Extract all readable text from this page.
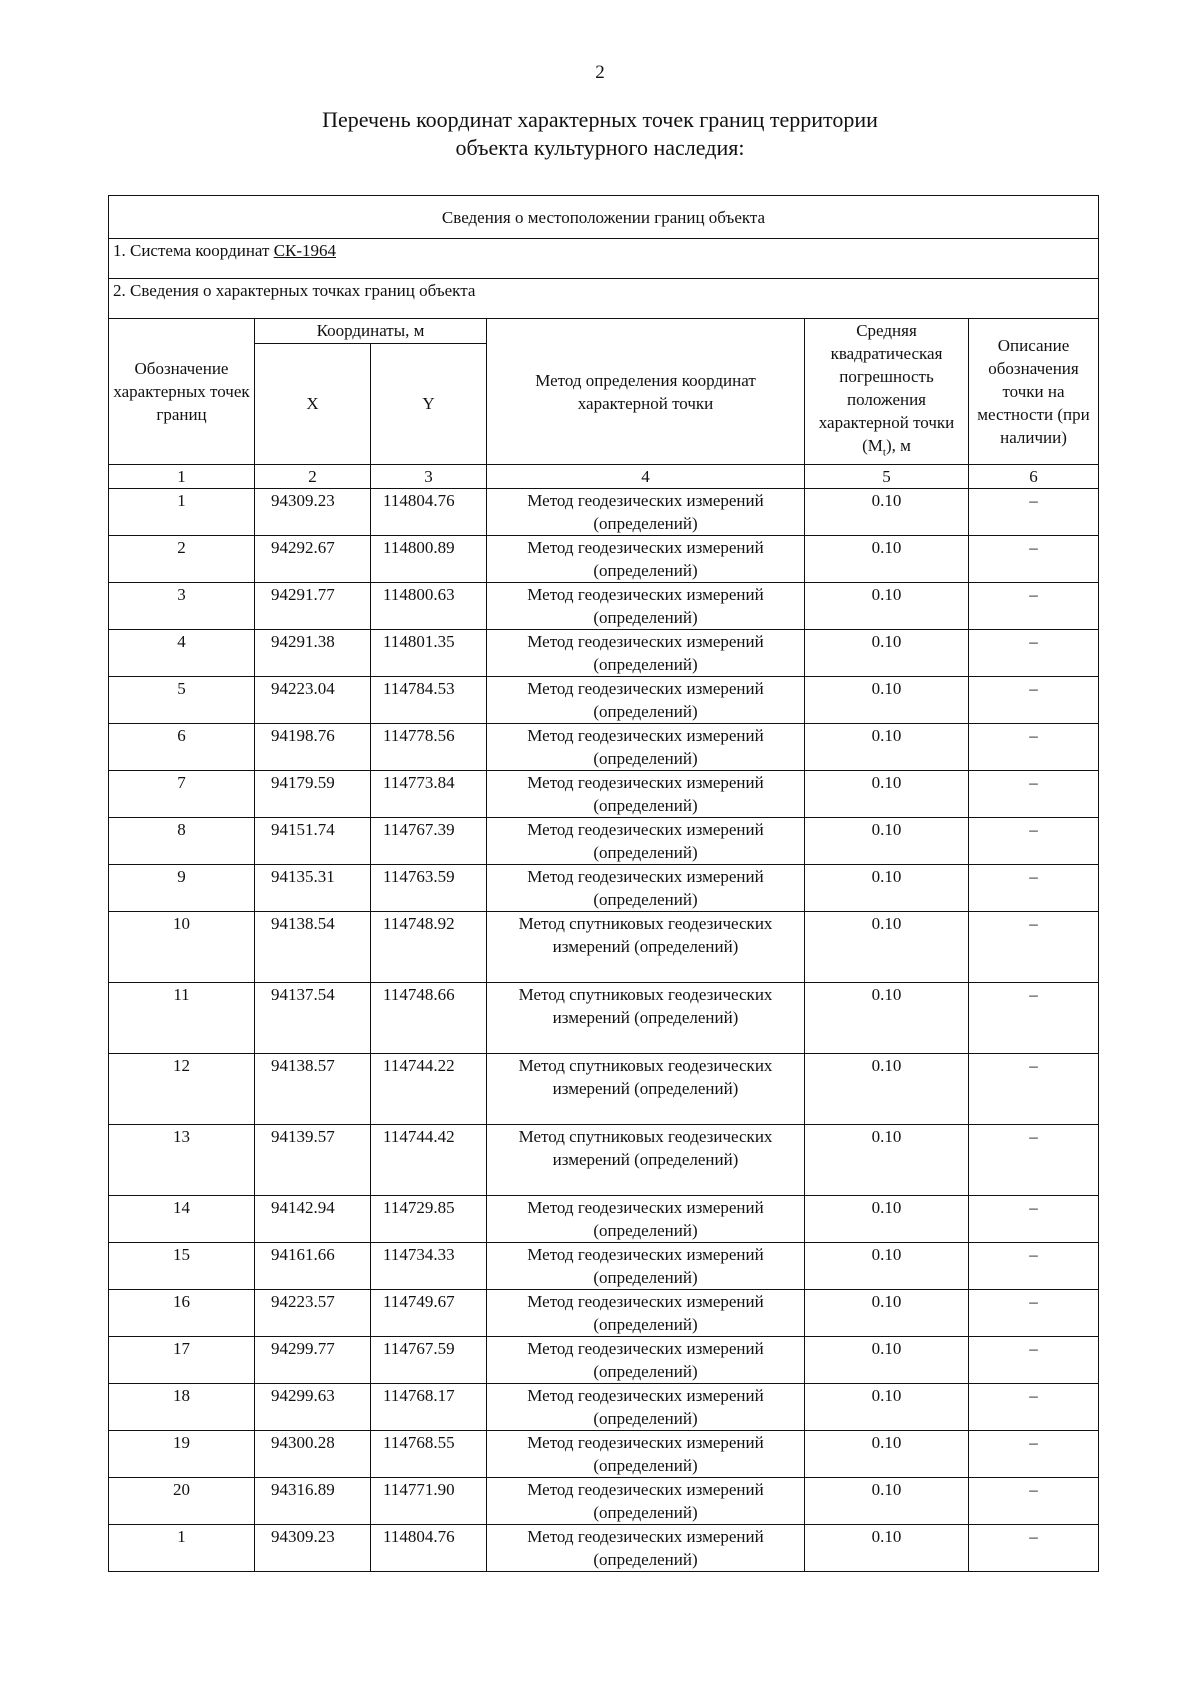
2
Перечень координат характерных точек границ территории
объекта культурного наследия:
Сведения о местоположении границ объекта					
1. Система координат СК-1964					
2. Сведения о характерных точках границ объекта					
Обозначение характерных точек границ	Координаты, м		Метод определения координат характерной точки	Средняя квадратическая погрешность положения характерной точки $(M_t)$, м	Описание обозначения точки на местности (при наличии)
	X	Y			
1	2	3	4	5	6
1	94309.23	114804.76	Метод геодезических измерений (определений)	0.10	–
2	94292.67	114800.89	Метод геодезических измерений (определений)	0.10	–
3	94291.77	114800.63	Метод геодезических измерений (определений)	0.10	–
4	94291.38	114801.35	Метод геодезических измерений (определений)	0.10	–
5	94223.04	114784.53	Метод геодезических измерений (определений)	0.10	–
6	94198.76	114778.56	Метод геодезических измерений (определений)	0.10	–
7	94179.59	114773.84	Метод геодезических измерений (определений)	0.10	–
8	94151.74	114767.39	Метод геодезических измерений (определений)	0.10	–
9	94135.31	114763.59	Метод геодезических измерений (определений)	0.10	–
10	94138.54	114748.92	Метод спутниковых геодезических измерений (определений)	0.10	–
11	94137.54	114748.66	Метод спутниковых геодезических измерений (определений)	0.10	–
12	94138.57	114744.22	Метод спутниковых геодезических измерений (определений)	0.10	–
13	94139.57	114744.42	Метод спутниковых геодезических измерений (определений)	0.10	–
14	94142.94	114729.85	Метод геодезических измерений (определений)	0.10	–
15	94161.66	114734.33	Метод геодезических измерений (определений)	0.10	–
16	94223.57	114749.67	Метод геодезических измерений (определений)	0.10	–
17	94299.77	114767.59	Метод геодезических измерений (определений)	0.10	–
18	94299.63	114768.17	Метод геодезических измерений (определений)	0.10	–
19	94300.28	114768.55	Метод геодезических измерений (определений)	0.10	–
20	94316.89	114771.90	Метод геодезических измерений (определений)	0.10	–
1	94309.23	114804.76	Метод геодезических измерений (определений)	0.10	–
